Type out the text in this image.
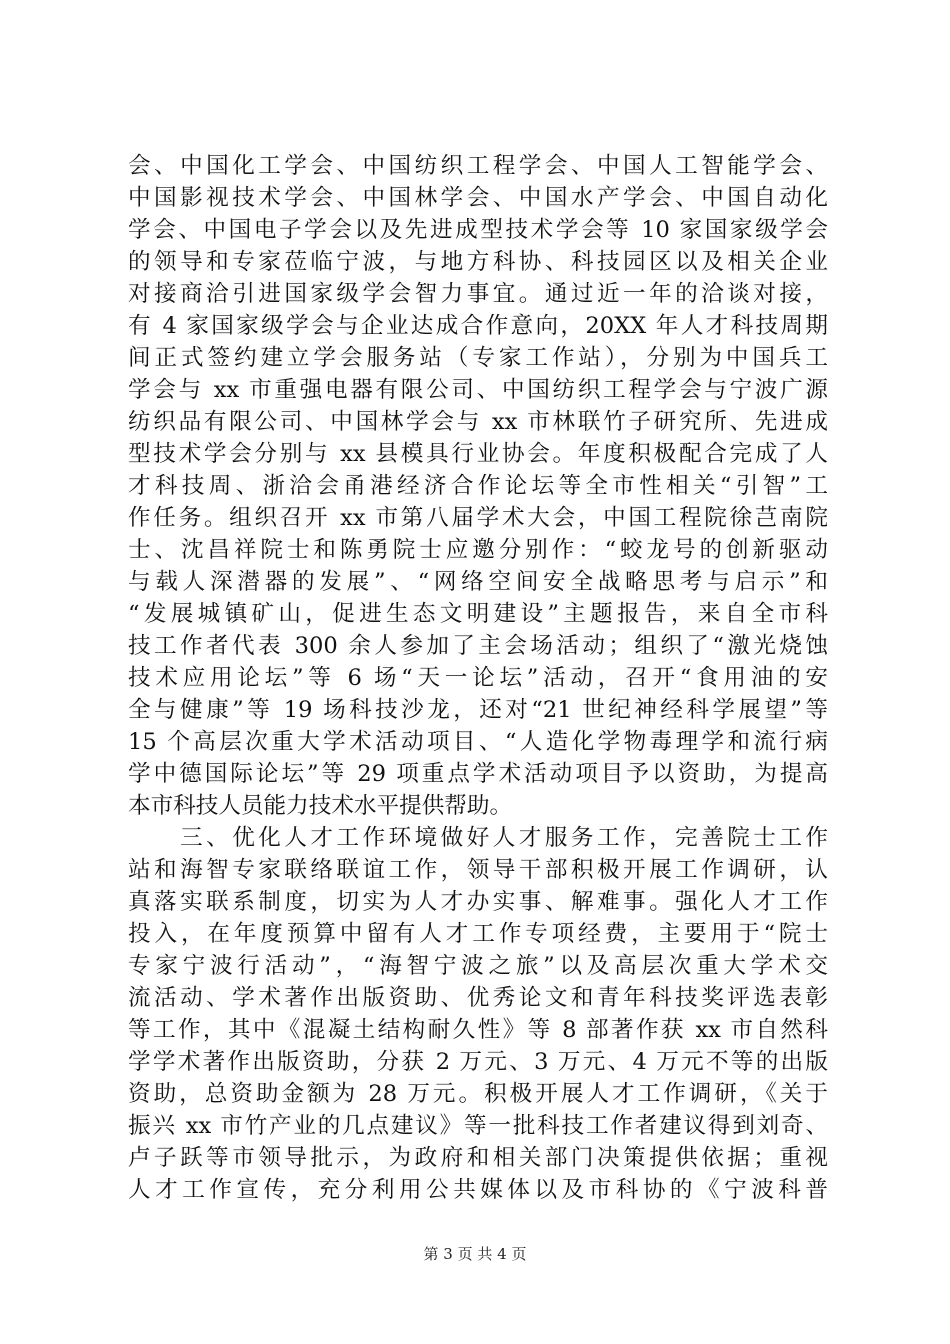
会、中国化工学会、中国纺织工程学会、中国人工智能学会、
中国影视技术学会、中国林学会、中国水产学会、中国自动化
学会、中国电子学会以及先进成型技术学会等 10 家国家级学会
的领导和专家莅临宁波，与地方科协、科技园区以及相关企业
对接商洽引进国家级学会智力事宜。通过近一年的洽谈对接，
有 4 家国家级学会与企业达成合作意向，20XX 年人才科技周期
间正式签约建立学会服务站（专家工作站），分别为中国兵工
学会与 xx 市重强电器有限公司、中国纺织工程学会与宁波广源
纺织品有限公司、中国林学会与 xx 市林联竹子研究所、先进成
型技术学会分别与 xx 县模具行业协会。年度积极配合完成了人
才科技周、浙洽会甬港经济合作论坛等全市性相关“引智”工
作任务。组织召开 xx 市第八届学术大会，中国工程院徐芑南院
士、沈昌祥院士和陈勇院士应邀分别作：“蛟龙号的创新驱动
与载人深潜器的发展”、“网络空间安全战略思考与启示”和
“发展城镇矿山，促进生态文明建设”主题报告，来自全市科
技工作者代表 300 余人参加了主会场活动；组织了“激光烧蚀
技术应用论坛”等 6 场“天一论坛”活动，召开“食用油的安
全与健康”等 19 场科技沙龙，还对“21 世纪神经科学展望”等
15 个高层次重大学术活动项目、“人造化学物毒理学和流行病
学中德国际论坛”等 29 项重点学术活动项目予以资助，为提高
本市科技人员能力技术水平提供帮助。
　　三、优化人才工作环境做好人才服务工作，完善院士工作
站和海智专家联络联谊工作，领导干部积极开展工作调研，认
真落实联系制度，切实为人才办实事、解难事。强化人才工作
投入，在年度预算中留有人才工作专项经费，主要用于“院士
专家宁波行活动”，“海智宁波之旅”以及高层次重大学术交
流活动、学术著作出版资助、优秀论文和青年科技奖评选表彰
等工作，其中《混凝土结构耐久性》等 8 部著作获 xx 市自然科
学学术著作出版资助，分获 2 万元、3 万元、4 万元不等的出版
资助，总资助金额为 28 万元。积极开展人才工作调研，《关于
振兴 xx 市竹产业的几点建议》等一批科技工作者建议得到刘奇、
卢子跃等市领导批示，为政府和相关部门决策提供依据；重视
人才工作宣传，充分利用公共媒体以及市科协的《宁波科普
第 3 页 共 4 页
